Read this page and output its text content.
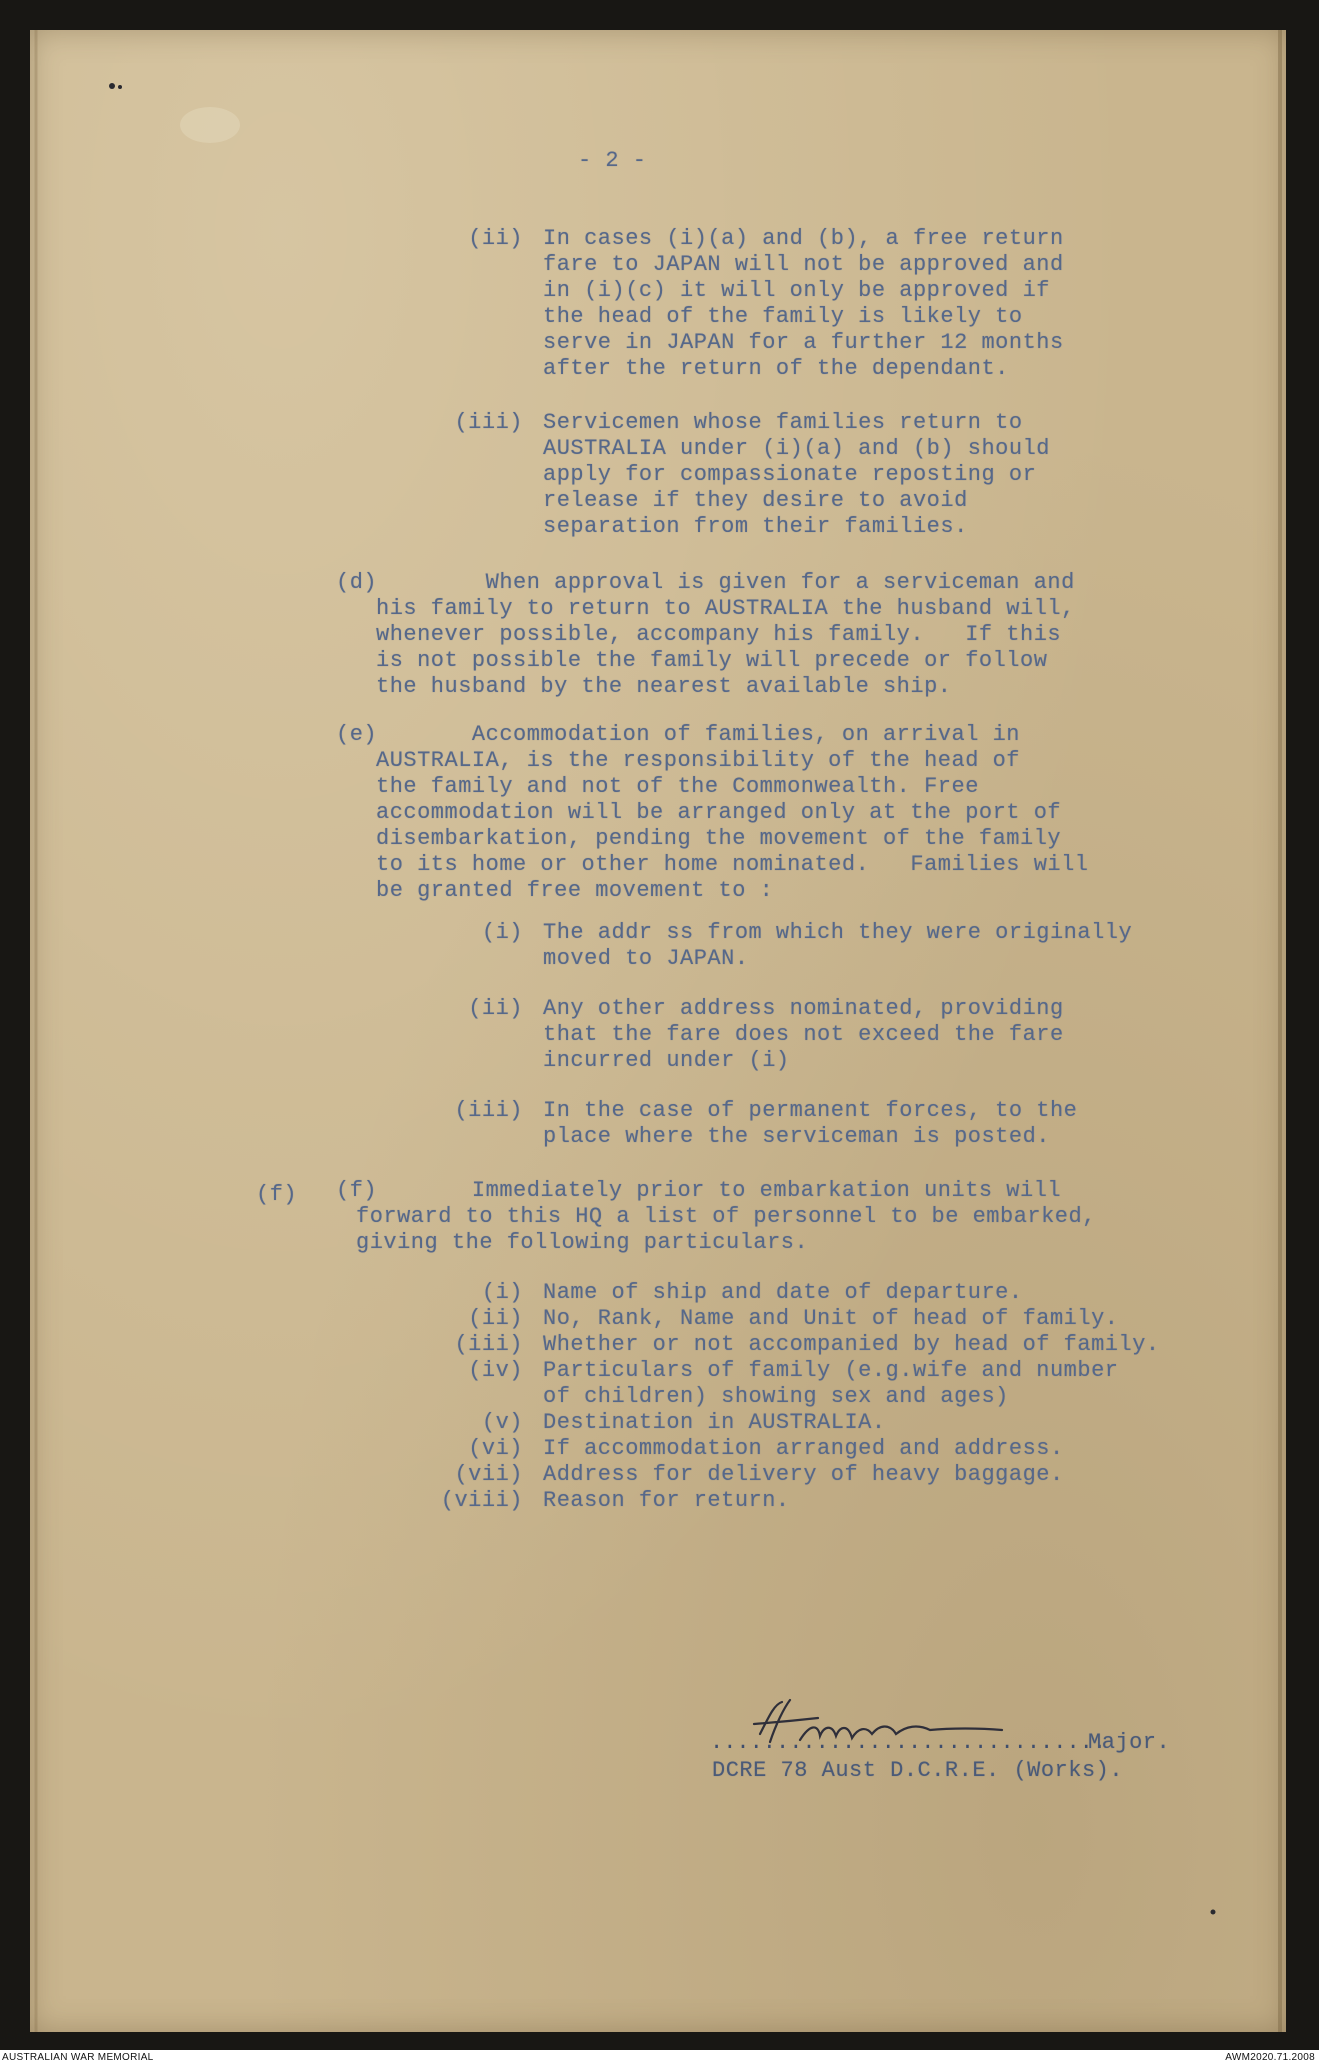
- 2 -
(ii) In cases (i)(a) and (b), a free return
fare to JAPAN will not be approved and
in (i)(c) it will only be approved if
the head of the family is likely to
serve in JAPAN for a further 12 months
after the return of the dependant.
(iii) Servicemen whose families return to
AUSTRALIA under (i)(a) and (b) should
apply for compassionate reposting or
release if they desire to avoid
separation from their families.
(d)
When approval is given for a serviceman and
his family to return to AUSTRALIA the husband will,
whenever possible, accompany his family.   If this
is not possible the family will precede or follow
the husband by the nearest available ship.
(e)
Accommodation of families, on arrival in
AUSTRALIA, is the responsibility of the head of
the family and not of the Commonwealth. Free
accommodation will be arranged only at the port of
disembarkation, pending the movement of the family
to its home or other home nominated.   Families will
be granted free movement to :
(i) The addr ss from which they were originally
moved to JAPAN.
(ii) Any other address nominated, providing
that the fare does not exceed the fare
incurred under (i)
(iii) In the case of permanent forces, to the
place where the serviceman is posted.
(f) (f)
Immediately prior to embarkation units will
forward to this HQ a list of personnel to be embarked,
giving the following particulars.
(i) Name of ship and date of departure.
(ii) No, Rank, Name and Unit of head of family.
(iii) Whether or not accompanied by head of family.
(iv) Particulars of family (e.g.wife and number
of children) showing sex and ages)
(v) Destination in AUSTRALIA.
(vi) If accommodation arranged and address.
(vii) Address for delivery of heavy baggage.
(viii) Reason for return.
..............................
Major.
DCRE 78 Aust D.C.R.E. (Works).
AUSTRALIAN WAR MEMORIAL	AWM2020.71.2008
